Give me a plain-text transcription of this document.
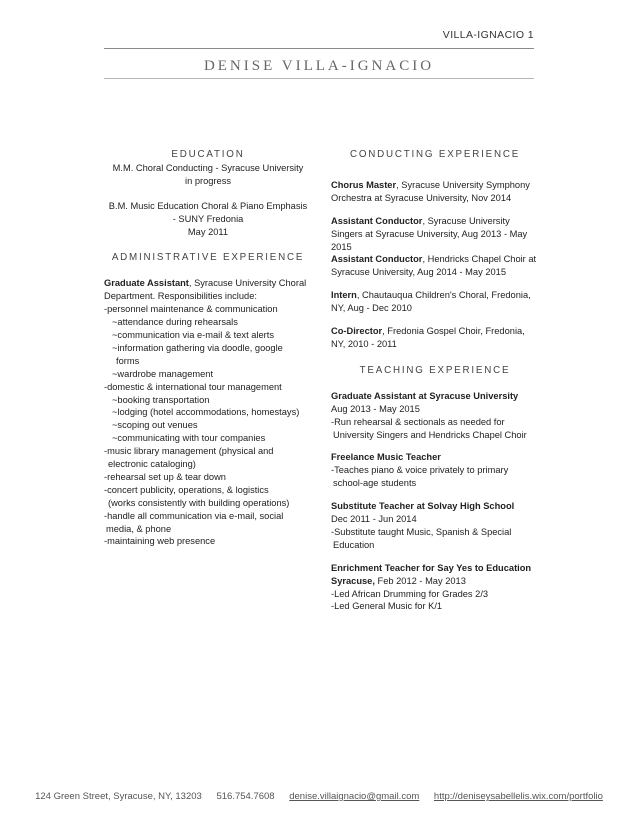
VILLA-IGNACIO 1
DENISE VILLA-IGNACIO
EDUCATION

M.M. Choral Conducting - Syracuse University

in progress

B.M. Music Education Choral & Piano Emphasis

- SUNY Fredonia

May 2011

ADMINISTRATIVE EXPERIENCE

Graduate Assistant, Syracuse University Choral

Department. Responsibilities include:

-personnel maintenance & communication

~attendance during rehearsals

~communication via e-mail & text alerts

~information gathering via doodle, google

forms

~wardrobe management

-domestic & international tour management

~booking transportation

~lodging (hotel accommodations, homestays)

~scoping out venues

~communicating with tour companies

-music library management (physical and

electronic cataloging)

-rehearsal set up & tear down

-concert publicity, operations, & logistics

(works consistently with building operations)

-handle all communication via e-mail, social

media, & phone

-maintaining web presence

CONDUCTING EXPERIENCE

Chorus Master, Syracuse University Symphony

Orchestra at Syracuse University, Nov 2014

Assistant Conductor, Syracuse University

Singers at Syracuse University, Aug 2013 - May

2015

Assistant Conductor, Hendricks Chapel Choir at

Syracuse University, Aug 2014 - May 2015

Intern, Chautauqua Children's Choral, Fredonia,

NY, Aug - Dec 2010

Co-Director, Fredonia Gospel Choir, Fredonia,

NY, 2010 - 2011

TEACHING EXPERIENCE

Graduate Assistant at Syracuse University

Aug 2013 - May 2015

-Run rehearsal & sectionals as needed for

University Singers and Hendricks Chapel Choir

Freelance Music Teacher

-Teaches piano & voice privately to primary

school-age students

Substitute Teacher at Solvay High School

Dec 2011 - Jun 2014

-Substitute taught Music, Spanish & Special

Education

Enrichment Teacher for Say Yes to Education

Syracuse, Feb 2012 - May 2013

-Led African Drumming for Grades 2/3

-Led General Music for K/1

124 Green Street, Syracuse, NY, 13203 516.754.7608 denise.villaignacio@gmail.com http://deniseysabellelis.wix.com/portfolio
